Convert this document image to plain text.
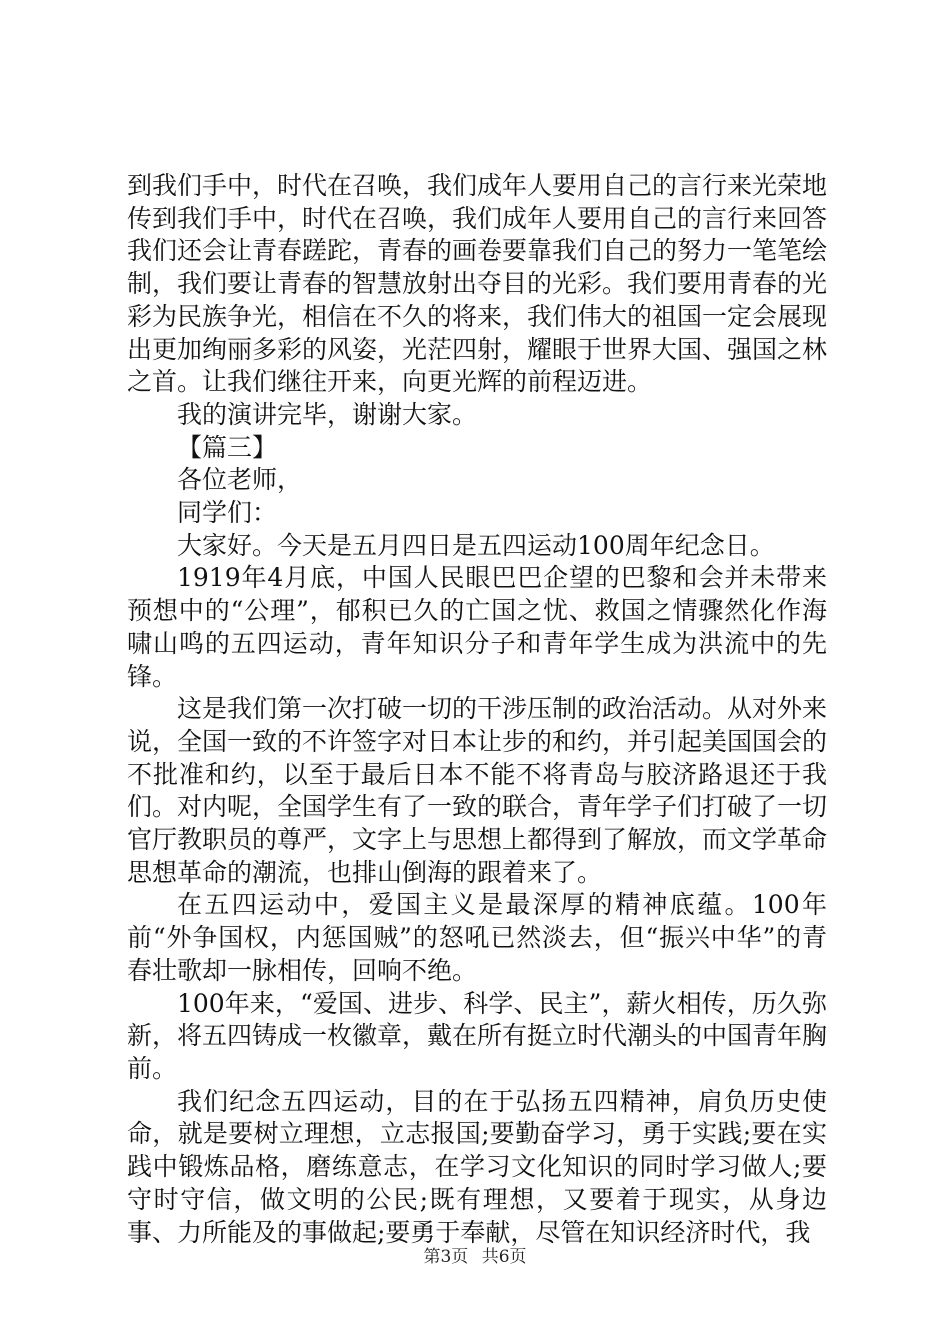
到我们手中，时代在召唤，我们成年人要用自己的言行来光荣地传到我们手中，时代在召唤，我们成年人要用自己的言行来回答我们还会让青春蹉跎，青春的画卷要靠我们自己的努力一笔笔绘制，我们要让青春的智慧放射出夺目的光彩。我们要用青春的光彩为民族争光，相信在不久的将来，我们伟大的祖国一定会展现出更加绚丽多彩的风姿，光茫四射，耀眼于世界大国、强国之林之首。让我们继往开来，向更光辉的前程迈进。

我的演讲完毕，谢谢大家。

【篇三】

各位老师，

同学们：

大家好。今天是五月四日是五四运动100周年纪念日。

1919年4月底，中国人民眼巴巴企望的巴黎和会并未带来预想中的“公理”，郁积已久的亡国之忧、救国之情骤然化作海啸山鸣的五四运动，青年知识分子和青年学生成为洪流中的先锋。

这是我们第一次打破一切的干涉压制的政治活动。从对外来说，全国一致的不许签字对日本让步的和约，并引起美国国会的不批准和约，以至于最后日本不能不将青岛与胶济路退还于我们。对内呢，全国学生有了一致的联合，青年学子们打破了一切官厅教职员的尊严，文字上与思想上都得到了解放，而文学革命思想革命的潮流，也排山倒海的跟着来了。

在五四运动中，爱国主义是最深厚的精神底蕴。100年前“外争国权，内惩国贼”的怒吼已然淡去，但“振兴中华”的青春壮歌却一脉相传，回响不绝。

100年来，“爱国、进步、科学、民主”，薪火相传，历久弥新，将五四铸成一枚徽章，戴在所有挺立时代潮头的中国青年胸前。

我们纪念五四运动，目的在于弘扬五四精神，肩负历史使命，就是要树立理想，立志报国;要勤奋学习，勇于实践;要在实践中锻炼品格，磨练意志，在学习文化知识的同时学习做人;要守时守信，做文明的公民;既有理想，又要着于现实，从身边事、力所能及的事做起;要勇于奉献，尽管在知识经济时代，我

第3页 共6页
